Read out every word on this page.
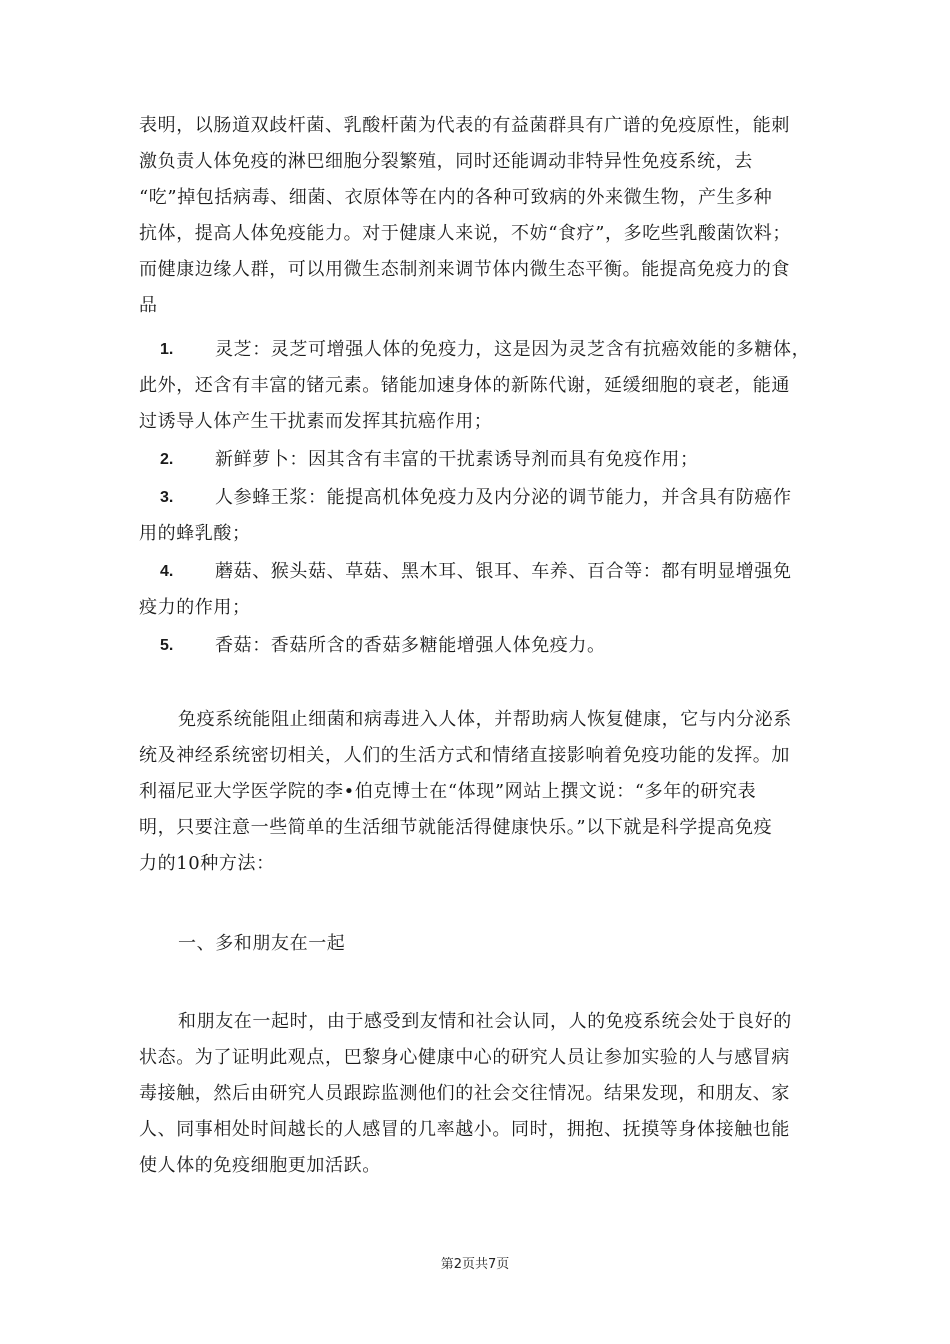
表明，以肠道双歧杆菌、乳酸杆菌为代表的有益菌群具有广谱的免疫原性，能刺
激负责人体免疫的淋巴细胞分裂繁殖，同时还能调动非特异性免疫系统，去
“吃”掉包括病毒、细菌、衣原体等在内的各种可致病的外来微生物，产生多种
抗体，提高人体免疫能力。对于健康人来说，不妨“食疗”，多吃些乳酸菌饮料；
而健康边缘人群，可以用微生态制剂来调节体内微生态平衡。能提高免疫力的食
品
1. 灵芝：灵芝可增强人体的免疫力，这是因为灵芝含有抗癌效能的多糖体，
此外，还含有丰富的锗元素。锗能加速身体的新陈代谢，延缓细胞的衰老，能通
过诱导人体产生干扰素而发挥其抗癌作用；
2. 新鲜萝卜：因其含有丰富的干扰素诱导剂而具有免疫作用；
3. 人参蜂王浆：能提高机体免疫力及内分泌的调节能力，并含具有防癌作
用的蜂乳酸；
4. 蘑菇、猴头菇、草菇、黑木耳、银耳、车养、百合等：都有明显增强免
疫力的作用；
5. 香菇：香菇所含的香菇多糖能增强人体免疫力。
免疫系统能阻止细菌和病毒进入人体，并帮助病人恢复健康，它与内分泌系
统及神经系统密切相关，人们的生活方式和情绪直接影响着免疫功能的发挥。加
利福尼亚大学医学院的李•伯克博士在“体现”网站上撰文说：“多年的研究表
明，只要注意一些简单的生活细节就能活得健康快乐。”以下就是科学提高免疫
力的10种方法：
一、多和朋友在一起
和朋友在一起时，由于感受到友情和社会认同，人的免疫系统会处于良好的
状态。为了证明此观点，巴黎身心健康中心的研究人员让参加实验的人与感冒病
毒接触，然后由研究人员跟踪监测他们的社会交往情况。结果发现，和朋友、家
人、同事相处时间越长的人感冒的几率越小。同时，拥抱、抚摸等身体接触也能
使人体的免疫细胞更加活跃。
第2页共7页
